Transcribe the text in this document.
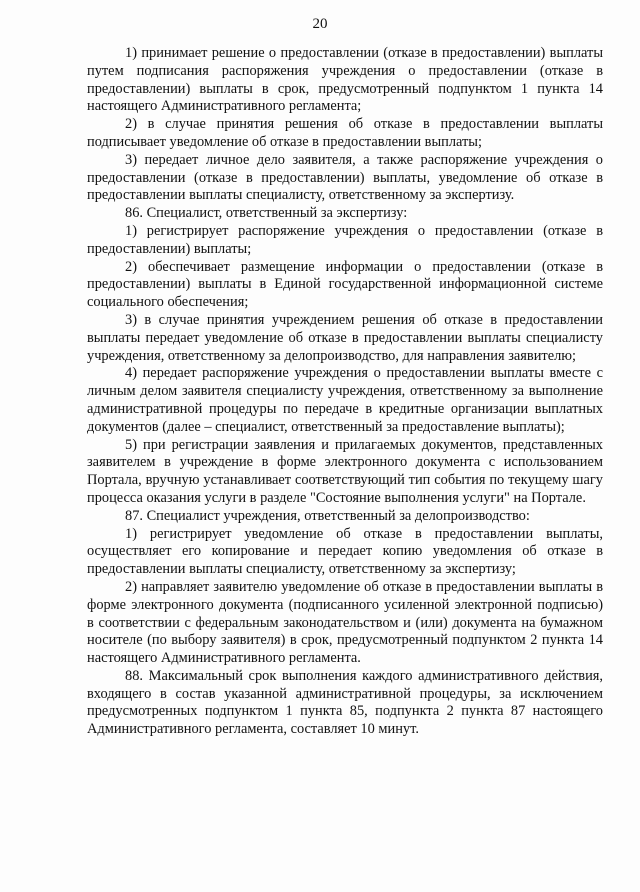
20

1) принимает решение о предоставлении (отказе в предоставлении) выплаты путем подписания распоряжения учреждения о предоставлении (отказе в предоставлении) выплаты в срок, предусмотренный подпунктом 1 пункта 14 настоящего Административного регламента;

2) в случае принятия решения об отказе в предоставлении выплаты подписывает уведомление об отказе в предоставлении выплаты;

3) передает личное дело заявителя, а также распоряжение учреждения о предоставлении (отказе в предоставлении) выплаты, уведомление об отказе в предоставлении выплаты специалисту, ответственному за экспертизу.

86. Специалист, ответственный за экспертизу:

1) регистрирует распоряжение учреждения о предоставлении (отказе в предоставлении) выплаты;

2) обеспечивает размещение информации о предоставлении (отказе в предоставлении) выплаты в Единой государственной информационной системе социального обеспечения;

3) в случае принятия учреждением решения об отказе в предоставлении выплаты передает уведомление об отказе в предоставлении выплаты специалисту учреждения, ответственному за делопроизводство, для направления заявителю;

4) передает распоряжение учреждения о предоставлении выплаты вместе с личным делом заявителя специалисту учреждения, ответственному за выполнение административной процедуры по передаче в кредитные организации выплатных документов (далее – специалист, ответственный за предоставление выплаты);

5) при регистрации заявления и прилагаемых документов, представленных заявителем в учреждение в форме электронного документа с использованием Портала, вручную устанавливает соответствующий тип события по текущему шагу процесса оказания услуги в разделе "Состояние выполнения услуги" на Портале.

87. Специалист учреждения, ответственный за делопроизводство:

1) регистрирует уведомление об отказе в предоставлении выплаты, осуществляет его копирование и передает копию уведомления об отказе в предоставлении выплаты специалисту, ответственному за экспертизу;

2) направляет заявителю уведомление об отказе в предоставлении выплаты в форме электронного документа (подписанного усиленной электронной подписью) в соответствии с федеральным законодательством и (или) документа на бумажном носителе (по выбору заявителя) в срок, предусмотренный подпунктом 2 пункта 14 настоящего Административного регламента.

88. Максимальный срок выполнения каждого административного действия, входящего в состав указанной административной процедуры, за исключением предусмотренных подпунктом 1 пункта 85, подпункта 2 пункта 87 настоящего Административного регламента, составляет 10 минут.
